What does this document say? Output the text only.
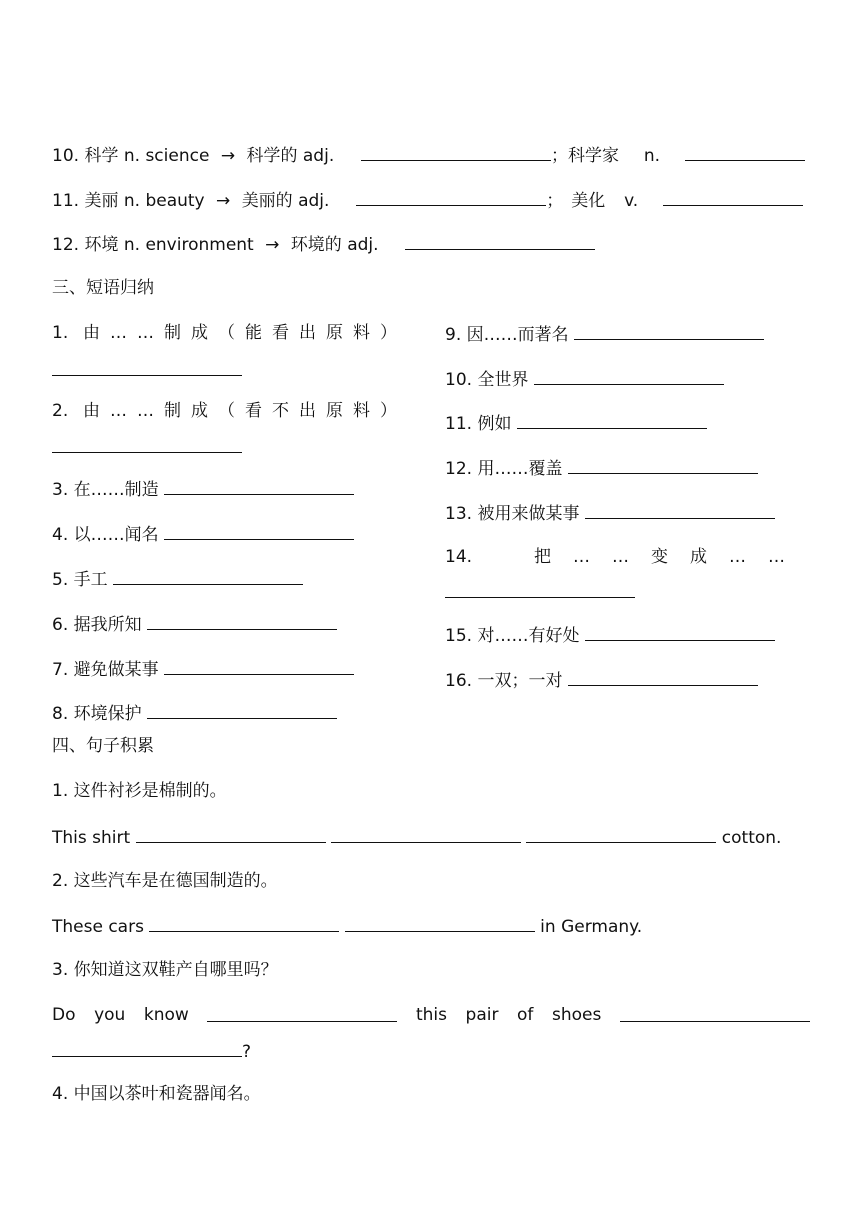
10. 科学 n. science → 科学的 adj.	；科学家 n.
11. 美丽 n. beauty → 美丽的 adj.	； 美化 v.
12. 环境 n. environment → 环境的 adj.
三、短语归纳
1. 由……制成（能看出原料）
2. 由……制成（看不出原料）
3. 在……制造
4. 以……闻名
5. 手工
6. 据我所知
7. 避免做某事
8. 环境保护
9. 因……而著名
10. 全世界
11. 例如
12. 用……覆盖
13. 被用来做某事
14.	把……变成……
15. 对……有好处
16. 一双；一对
四、句子积累
1. 这件衬衫是棉制的。
This shirt	cotton.
2. 这些汽车是在德国制造的。
These cars	in Germany.
3. 你知道这双鞋产自哪里吗？
Do you know	this pair of shoes
?
4. 中国以茶叶和瓷器闻名。
